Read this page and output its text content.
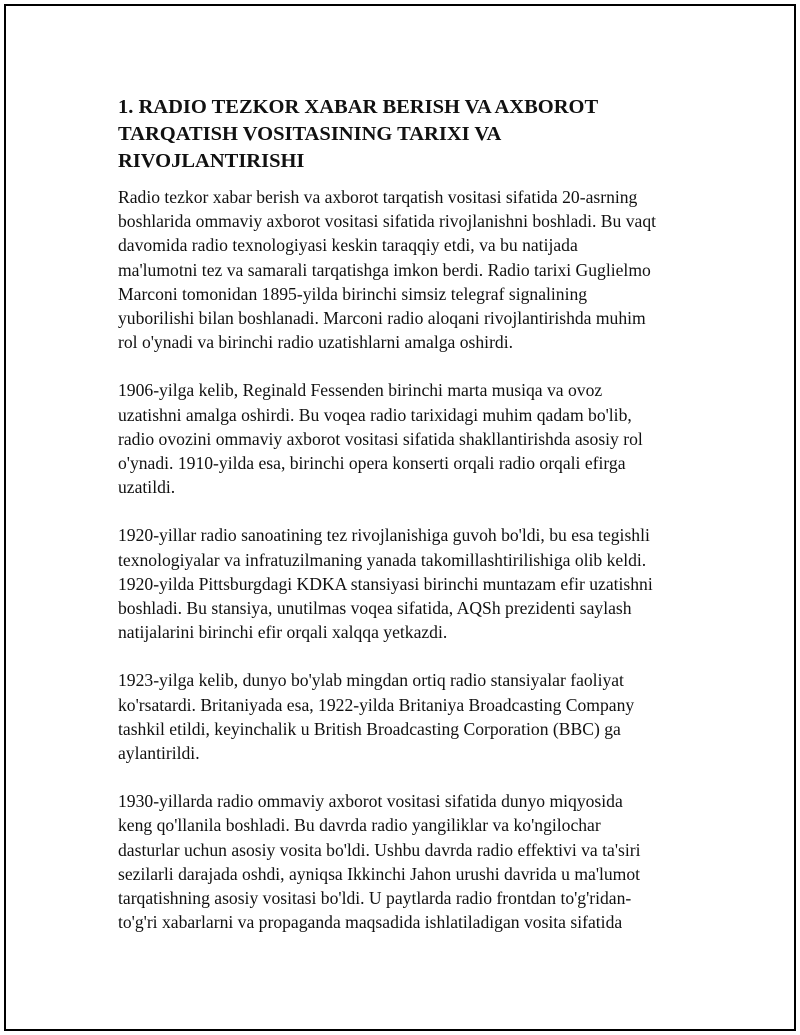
1. RADIO TEZKOR XABAR BERISH VA AXBOROT
TARQATISH VOSITASINING TARIXI VA
RIVOJLANTIRISHI

Radio tezkor xabar berish va axborot tarqatish vositasi sifatida 20-asrning
boshlarida ommaviy axborot vositasi sifatida rivojlanishni boshladi. Bu vaqt
davomida radio texnologiyasi keskin taraqqiy etdi, va bu natijada
ma'lumotni tez va samarali tarqatishga imkon berdi. Radio tarixi Guglielmo
Marconi tomonidan 1895-yilda birinchi simsiz telegraf signalining
yuborilishi bilan boshlanadi. Marconi radio aloqani rivojlantirishda muhim
rol o'ynadi va birinchi radio uzatishlarni amalga oshirdi.

1906-yilga kelib, Reginald Fessenden birinchi marta musiqa va ovoz
uzatishni amalga oshirdi. Bu voqea radio tarixidagi muhim qadam bo'lib,
radio ovozini ommaviy axborot vositasi sifatida shakllantirishda asosiy rol
o'ynadi. 1910-yilda esa, birinchi opera konserti orqali radio orqali efirga
uzatildi.

1920-yillar radio sanoatining tez rivojlanishiga guvoh bo'ldi, bu esa tegishli
texnologiyalar va infratuzilmaning yanada takomillashtirilishiga olib keldi.
1920-yilda Pittsburgdagi KDKA stansiyasi birinchi muntazam efir uzatishni
boshladi. Bu stansiya, unutilmas voqea sifatida, AQSh prezidenti saylash
natijalarini birinchi efir orqali xalqqa yetkazdi.

1923-yilga kelib, dunyo bo'ylab mingdan ortiq radio stansiyalar faoliyat
ko'rsatardi. Britaniyada esa, 1922-yilda Britaniya Broadcasting Company
tashkil etildi, keyinchalik u British Broadcasting Corporation (BBC) ga
aylantirildi.

1930-yillarda radio ommaviy axborot vositasi sifatida dunyo miqyosida
keng qo'llanila boshladi. Bu davrda radio yangiliklar va ko'ngilochar
dasturlar uchun asosiy vosita bo'ldi. Ushbu davrda radio effektivi va ta'siri
sezilarli darajada oshdi, ayniqsa Ikkinchi Jahon urushi davrida u ma'lumot
tarqatishning asosiy vositasi bo'ldi. U paytlarda radio frontdan to'g'ridan-
to'g'ri xabarlarni va propaganda maqsadida ishlatiladigan vosita sifatida
